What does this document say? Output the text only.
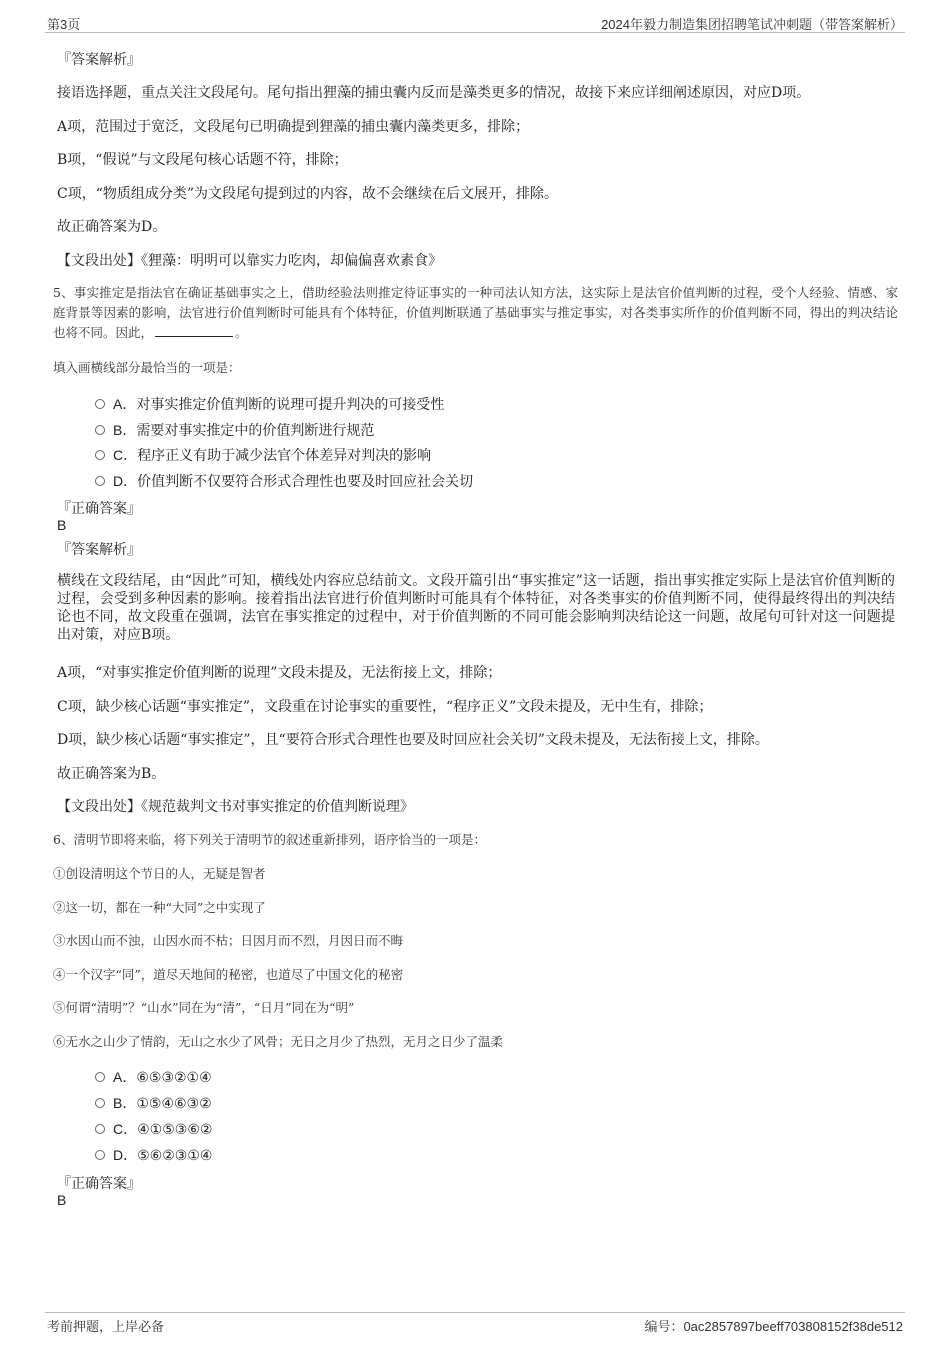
第3页	2024年毅力制造集团招聘笔试冲刺题（带答案解析）
『答案解析』
接语选择题，重点关注文段尾句。尾句指出狸藻的捕虫囊内反而是藻类更多的情况，故接下来应详细阐述原因，对应D项。
A项，范围过于宽泛，文段尾句已明确提到狸藻的捕虫囊内藻类更多，排除；
B项，“假说”与文段尾句核心话题不符，排除；
C项，“物质组成分类”为文段尾句提到过的内容，故不会继续在后文展开，排除。
故正确答案为D。
【文段出处】《狸藻：明明可以靠实力吃肉，却偏偏喜欢素食》
5、事实推定是指法官在确证基础事实之上，借助经验法则推定待证事实的一种司法认知方法，这实际上是法官价值判断的过程，受个人经验、情感、家庭背景等因素的影响，法官进行价值判断时可能具有个体特征，价值判断联通了基础事实与推定事实，对各类事实所作的价值判断不同，得出的判决结论也将不同。因此，	。
填入画横线部分最恰当的一项是：
A．对事实推定价值判断的说理可提升判决的可接受性
B．需要对事实推定中的价值判断进行规范
C．程序正义有助于减少法官个体差异对判决的影响
D．价值判断不仅要符合形式合理性也要及时回应社会关切
『正确答案』
B
『答案解析』
横线在文段结尾，由“因此”可知，横线处内容应总结前文。文段开篇引出“事实推定”这一话题，指出事实推定实际上是法官价值判断的过程，会受到多种因素的影响。接着指出法官进行价值判断时可能具有个体特征，对各类事实的价值判断不同，使得最终得出的判决结论也不同，故文段重在强调，法官在事实推定的过程中，对于价值判断的不同可能会影响判决结论这一问题，故尾句可针对这一问题提出对策，对应B项。
A项，“对事实推定价值判断的说理”文段未提及，无法衔接上文，排除；
C项，缺少核心话题“事实推定”，文段重在讨论事实的重要性，“程序正义”文段未提及，无中生有，排除；
D项，缺少核心话题“事实推定”，且“要符合形式合理性也要及时回应社会关切”文段未提及，无法衔接上文，排除。
故正确答案为B。
【文段出处】《规范裁判文书对事实推定的价值判断说理》
6、清明节即将来临，将下列关于清明节的叙述重新排列，语序恰当的一项是：
①创设清明这个节日的人，无疑是智者
②这一切，都在一种“大同”之中实现了
③水因山而不浊，山因水而不枯；日因月而不烈，月因日而不晦
④一个汉字“同”，道尽天地间的秘密，也道尽了中国文化的秘密
⑤何谓“清明”？“山水”同在为“清”，“日月”同在为“明”
⑥无水之山少了情韵，无山之水少了风骨；无日之月少了热烈，无月之日少了温柔
A．⑥⑤③②①④
B．①⑤④⑥③②
C．④①⑤③⑥②
D．⑤⑥②③①④
『正确答案』
B
考前押题，上岸必备	编号：0ac2857897beeff703808152f38de512
